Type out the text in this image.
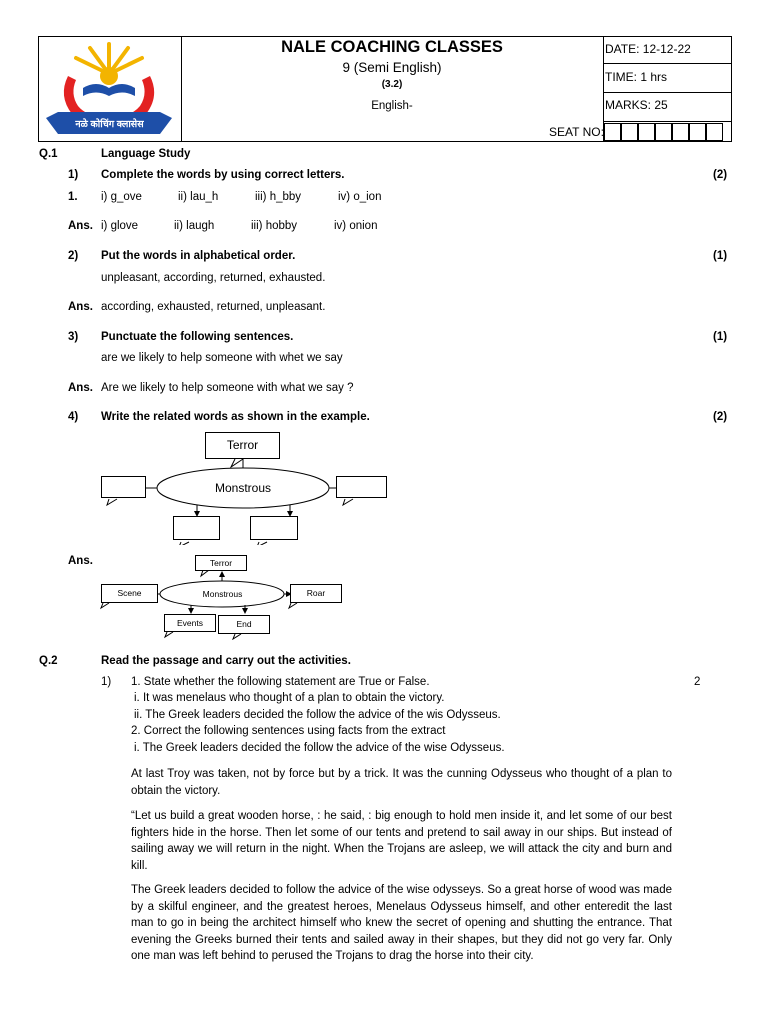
नळे कोचिंग क्लासेस
NALE COACHING CLASSES
9 (Semi English)
(3.2)
English-
DATE: 12-12-22
TIME: 1 hrs
MARKS: 25
SEAT NO:
Q.1	Language Study
1) Complete the words by using correct letters.	(2)
1. i) g_ove	ii) lau_h	iii) h_bby	iv) o_ion
Ans. i) glove	ii) laugh	iii) hobby	iv) onion
2) Put the words in alphabetical order.	(1)
unpleasant, according, returned, exhausted.
Ans. according, exhausted, returned, unpleasant.
3) Punctuate the following sentences.	(1)
are we likely to help someone with whet we say
Ans. Are we likely to help someone with what we say ?
4) Write the related words as shown in the example.	(2)
Terror
Monstrous
Ans.	Terror
Monstrous
Scene	Roar
Events	End
Q.2	Read the passage and carry out the activities.
1)	2
1. State whether the following statement are True or False.
i. It was menelaus who thought of a plan to obtain the victory.
ii. The Greek leaders decided the follow the advice of the wis Odysseus.
2. Correct the following sentences using facts from the extract
i. The Greek leaders decided the follow the advice of the wise Odysseus.

At last Troy was taken, not by force but by a trick. It was the cunning Odysseus who thought of a plan to obtain the victory.

“Let us build a great wooden horse, : he said, : big enough to hold men inside it, and let some of our best fighters hide in the horse. Then let some of our tents and pretend to sail away in our ships. But instead of sailing away we will return in the night. When the Trojans are asleep, we will attack the city and burn and kill.

The Greek leaders decided to follow the advice of the wise odysseys. So a great horse of wood was made by a skilful engineer, and the greatest heroes, Menelaus Odysseus himself, and other enteredit the last man to go in being the architect himself who knew the secret of opening and shutting the entrance. That evening the Greeks burned their tents and sailed away in their shapes, but they did not go very far. Only one man was left behind to perused the Trojans to drag the horse into their city.
